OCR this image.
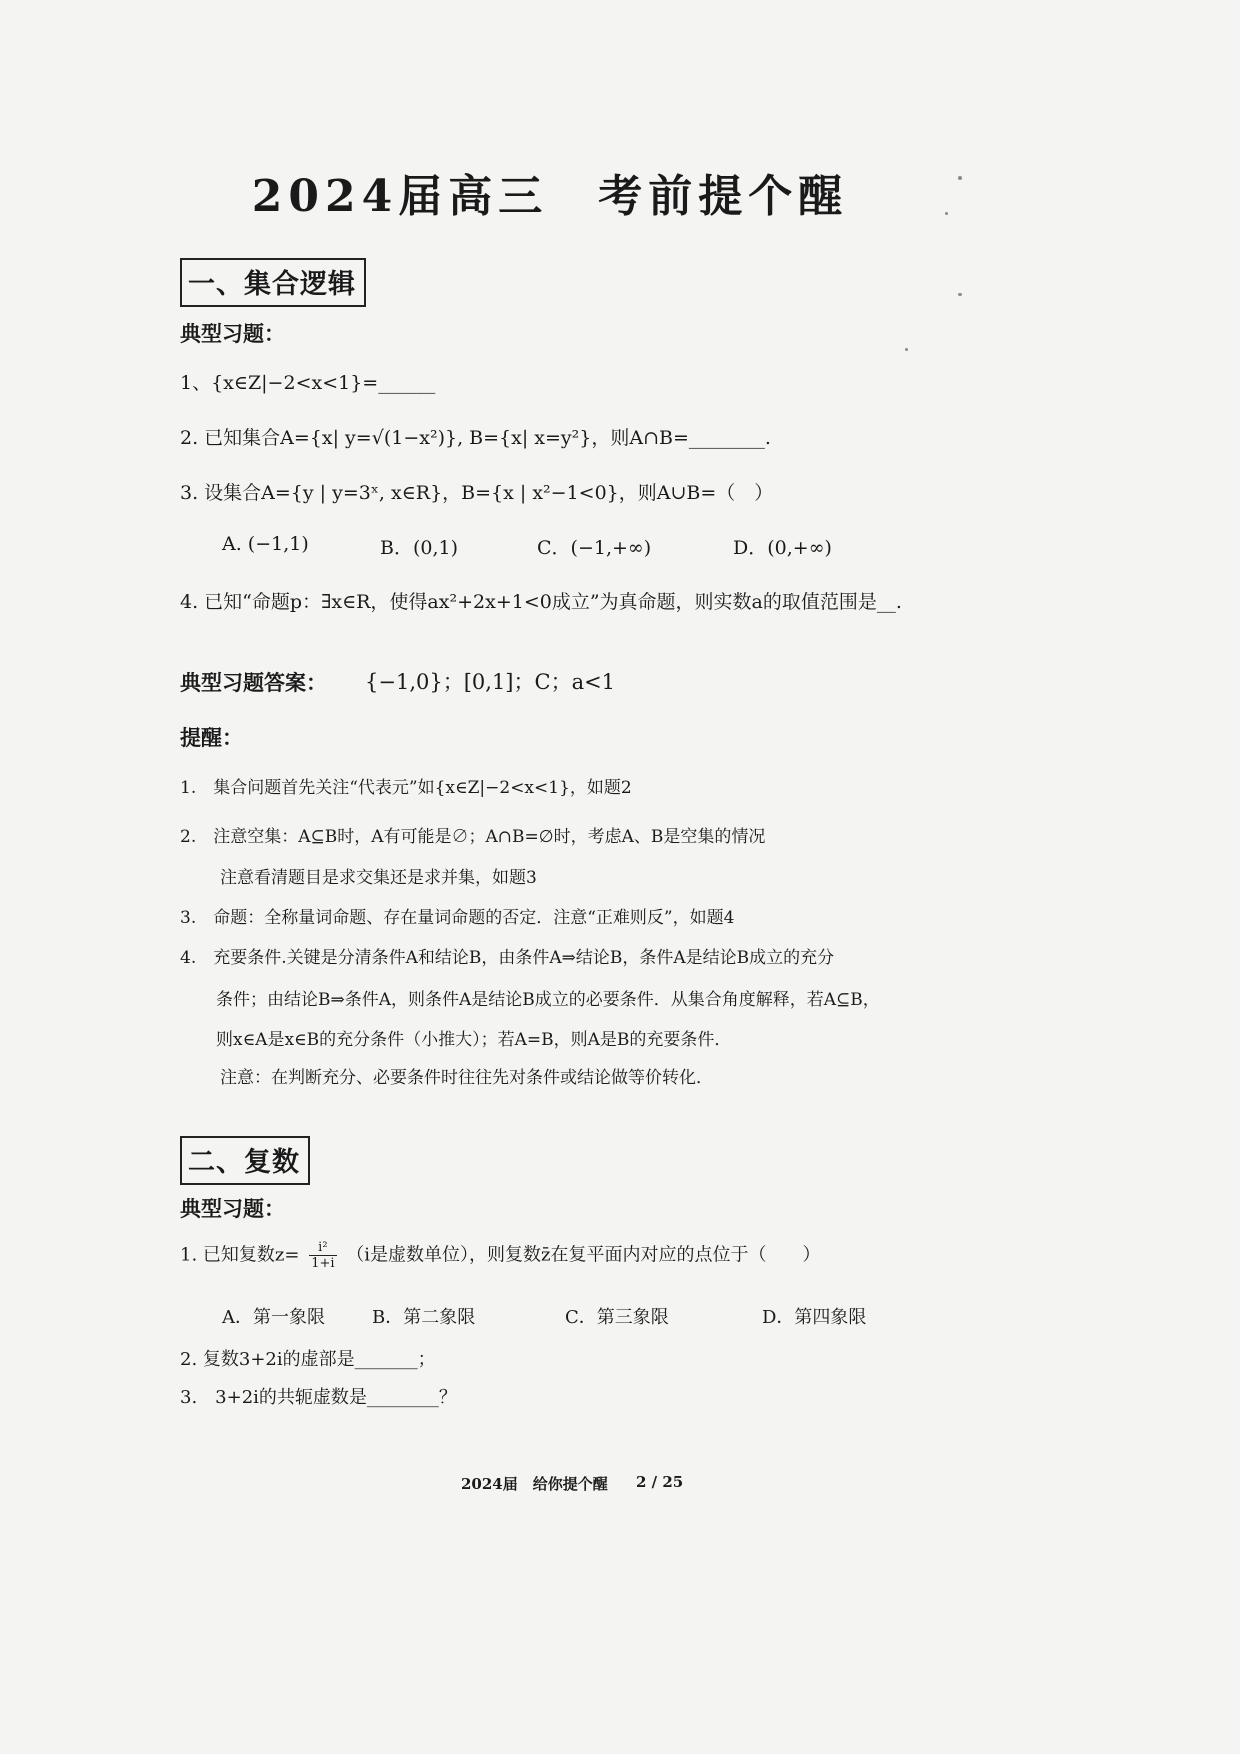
2024届高三　考前提个醒
一、集合逻辑
典型习题：
1、{x∈Z|−2<x<1}=______
2. 已知集合A={x| y=√(1−x²)}, B={x| x=y²}，则A∩B=________.
3. 设集合A={y | y=3ˣ, x∈R}，B={x | x²−1<0}，则A∪B=（　）
A. (−1,1)	B．(0,1)	C．(−1,+∞)	D．(0,+∞)
4. 已知“命题p：∃x∈R，使得ax²+2x+1<0成立”为真命题，则实数a的取值范围是__.
典型习题答案： {−1,0}；[0,1]；C；a<1
提醒：
1.　集合问题首先关注“代表元”如{x∈Z|−2<x<1}，如题2
2.　注意空集：A⊆B时，A有可能是∅；A∩B=∅时，考虑A、B是空集的情况
注意看清题目是求交集还是求并集，如题3
3.　命题：全称量词命题、存在量词命题的否定．注意“正难则反”，如题4
4.　充要条件.关键是分清条件A和结论B，由条件A⇒结论B，条件A是结论B成立的充分
条件；由结论B⇒条件A，则条件A是结论B成立的必要条件．从集合角度解释，若A⊆B，
则x∈A是x∈B的充分条件（小推大）；若A=B，则A是B的充要条件．
注意：在判断充分、必要条件时往往先对条件或结论做等价转化．
二、复数
典型习题：
1. 已知复数$z= \frac{\text{i²}}{1+i} (i$是虚数单位），则复数z̄在复平面内对应的点位于（　　）
A．第一象限	B．第二象限	C．第三象限	D．第四象限
2. 复数3+2i的虚部是_______；
3.　3+2i的共轭虚数是________？
2024届　给你提个醒 2 / 25
